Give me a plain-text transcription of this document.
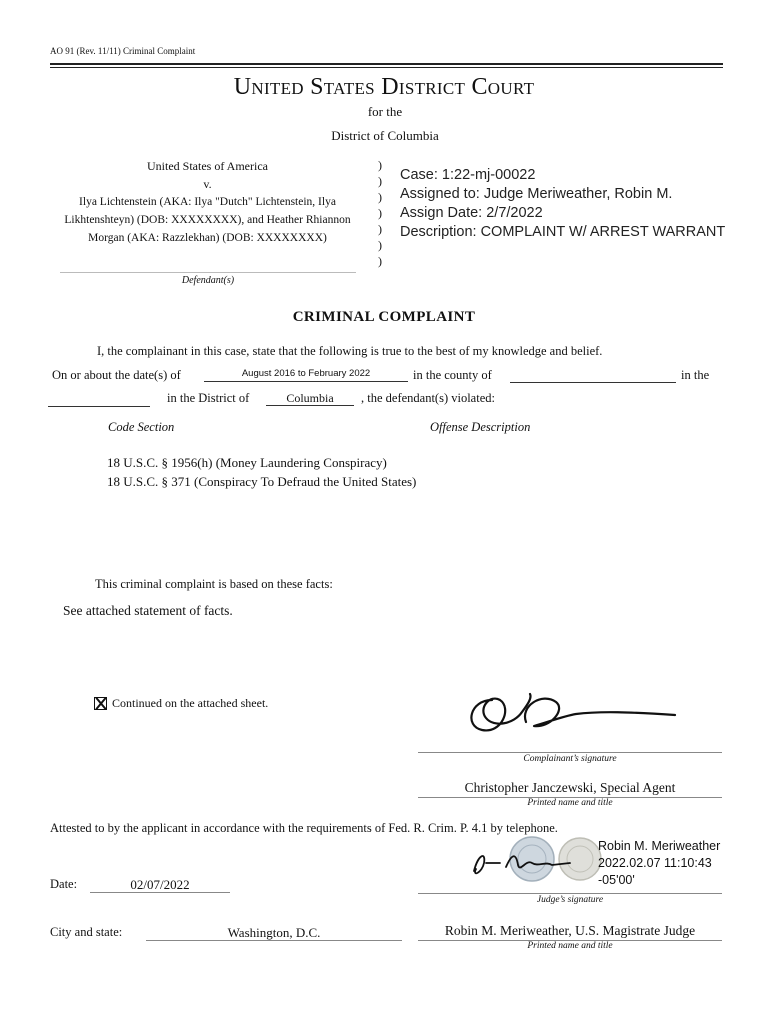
AO 91 (Rev. 11/11) Criminal Complaint
United States District Court
for the
District of Columbia
United States of America
v.
Ilya Lichtenstein (AKA: Ilya "Dutch" Lichtenstein, Ilya Likhtenshteyn) (DOB: XXXXXXXX), and Heather Rhiannon Morgan (AKA: Razzlekhan) (DOB: XXXXXXXX)
Defendant(s)
)
)
)
)
)
)
)
Case: 1:22-mj-00022
Assigned to: Judge Meriweather, Robin M.
Assign Date: 2/7/2022
Description: COMPLAINT W/ ARREST WARRANT
CRIMINAL COMPLAINT
I, the complainant in this case, state that the following is true to the best of my knowledge and belief.
On or about the date(s) of	August 2016 to February 2022	in the county of	in the
in the District of	Columbia	, the defendant(s) violated:
Code Section	Offense Description
18 U.S.C. § 1956(h) (Money Laundering Conspiracy)
18 U.S.C. § 371 (Conspiracy To Defraud the United States)
This criminal complaint is based on these facts:
See attached statement of facts.
Continued on the attached sheet.
Complainant’s signature
Christopher Janczewski, Special Agent
Printed name and title
Attested to by the applicant in accordance with the requirements of Fed. R. Crim. P. 4.1 by telephone.
Robin M. Meriweather
2022.02.07 11:10:43
-05'00'
Judge’s signature
Date:	02/07/2022
City and state:	Washington, D.C.	Robin M. Meriweather, U.S. Magistrate Judge
Printed name and title
